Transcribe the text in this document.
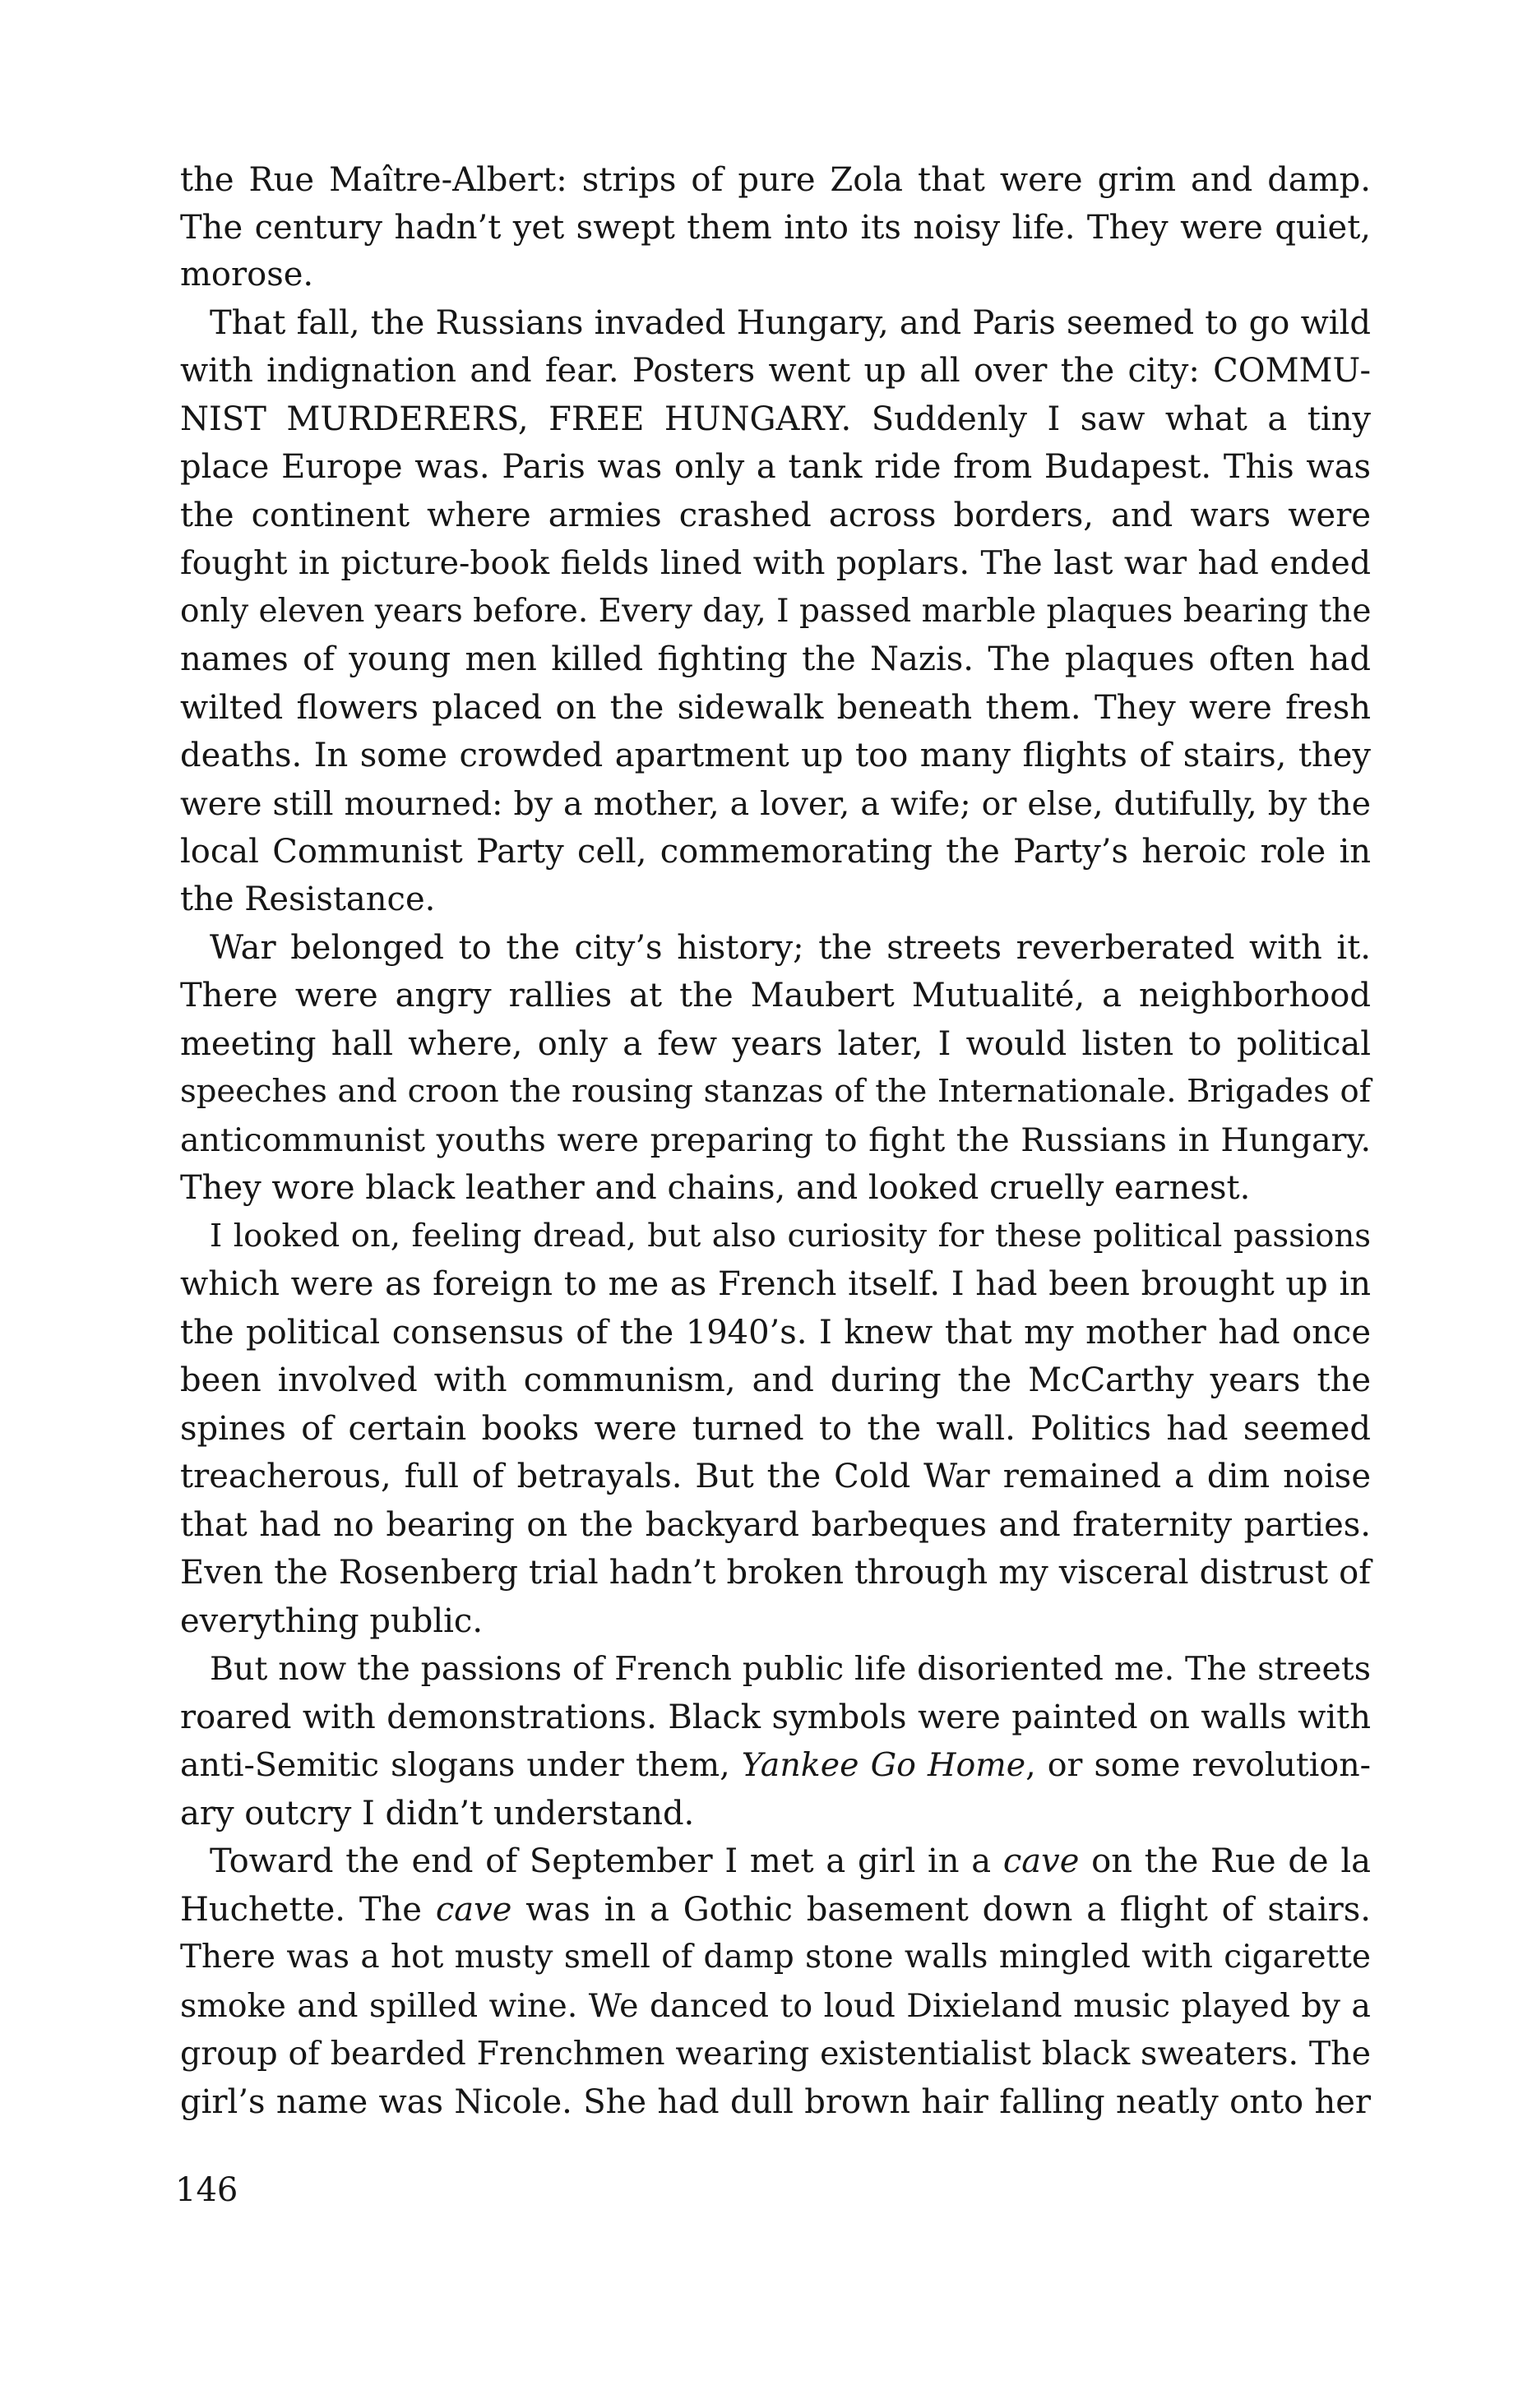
the Rue Maître-Albert: strips of pure Zola that were grim and damp.

The century hadn’t yet swept them into its noisy life. They were quiet,

morose.

That fall, the Russians invaded Hungary, and Paris seemed to go wild

with indignation and fear. Posters went up all over the city: COMMU-

NIST MURDERERS, FREE HUNGARY. Suddenly I saw what a tiny

place Europe was. Paris was only a tank ride from Budapest. This was

the continent where armies crashed across borders, and wars were

fought in picture-book fields lined with poplars. The last war had ended

only eleven years before. Every day, I passed marble plaques bearing the

names of young men killed fighting the Nazis. The plaques often had

wilted flowers placed on the sidewalk beneath them. They were fresh

deaths. In some crowded apartment up too many flights of stairs, they

were still mourned: by a mother, a lover, a wife; or else, dutifully, by the

local Communist Party cell, commemorating the Party’s heroic role in

the Resistance.

War belonged to the city’s history; the streets reverberated with it.

There were angry rallies at the Maubert Mutualité, a neighborhood

meeting hall where, only a few years later, I would listen to political

speeches and croon the rousing stanzas of the Internationale. Brigades of

anticommunist youths were preparing to fight the Russians in Hungary.

They wore black leather and chains, and looked cruelly earnest.

I looked on, feeling dread, but also curiosity for these political passions

which were as foreign to me as French itself. I had been brought up in

the political consensus of the 1940’s. I knew that my mother had once

been involved with communism, and during the McCarthy years the

spines of certain books were turned to the wall. Politics had seemed

treacherous, full of betrayals. But the Cold War remained a dim noise

that had no bearing on the backyard barbeques and fraternity parties.

Even the Rosenberg trial hadn’t broken through my visceral distrust of

everything public.

But now the passions of French public life disoriented me. The streets

roared with demonstrations. Black symbols were painted on walls with

anti-Semitic slogans under them, Yankee Go Home, or some revolution-

ary outcry I didn’t understand.

Toward the end of September I met a girl in a cave on the Rue de la

Huchette. The cave was in a Gothic basement down a flight of stairs.

There was a hot musty smell of damp stone walls mingled with cigarette

smoke and spilled wine. We danced to loud Dixieland music played by a

group of bearded Frenchmen wearing existentialist black sweaters. The

girl’s name was Nicole. She had dull brown hair falling neatly onto her

146
